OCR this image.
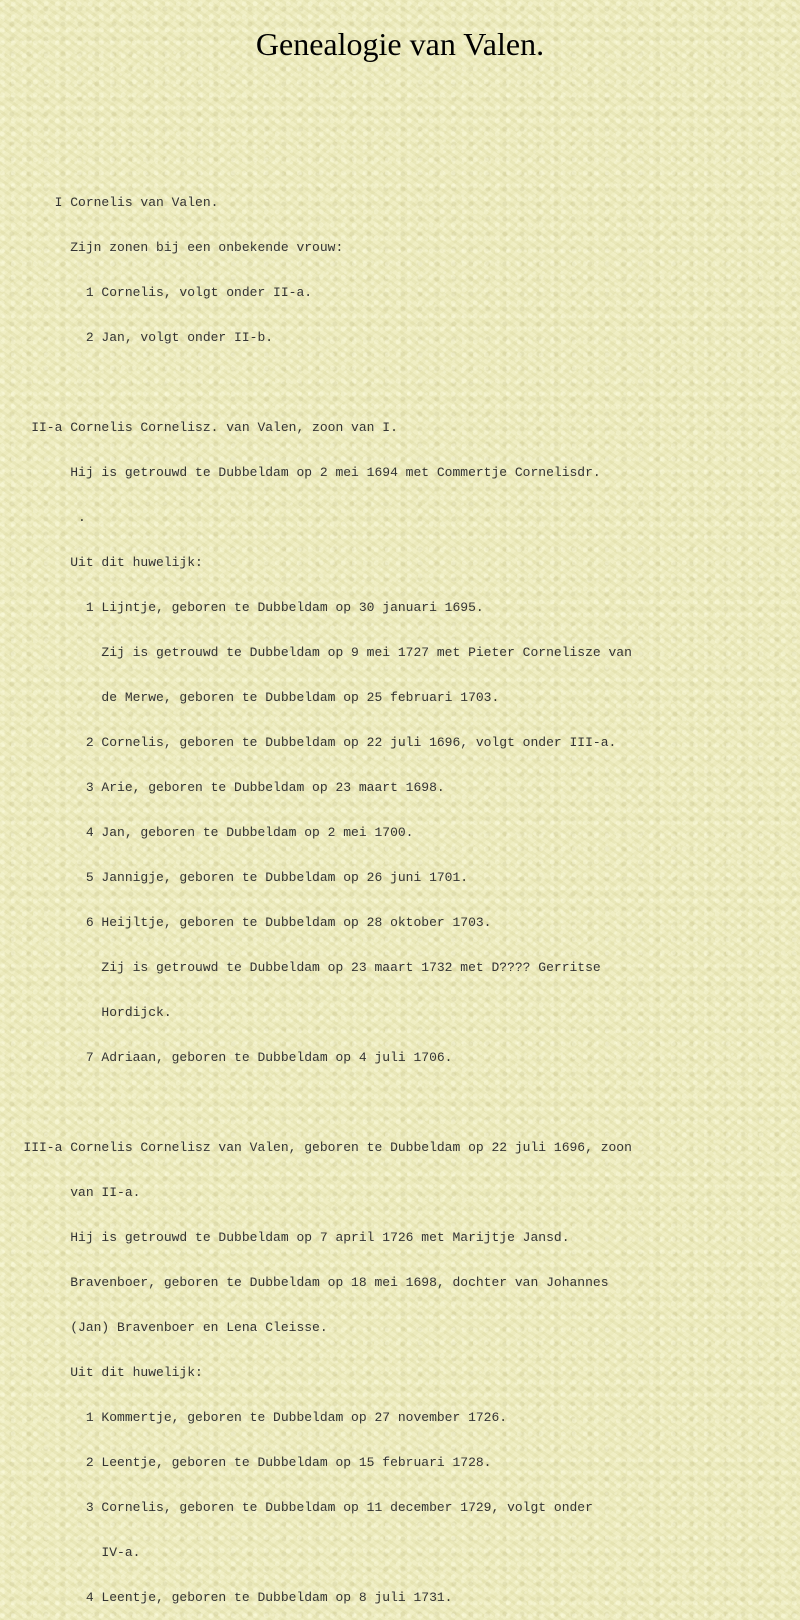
Genealogie van Valen.

I Cornelis van Valen.

Zijn zonen bij een onbekende vrouw:

1 Cornelis, volgt onder II-a.

2 Jan, volgt onder II-b.

II-a Cornelis Cornelisz. van Valen, zoon van I.

Hij is getrouwd te Dubbeldam op 2 mei 1694 met Commertje Cornelisdr.

.

Uit dit huwelijk:

1 Lijntje, geboren te Dubbeldam op 30 januari 1695.

Zij is getrouwd te Dubbeldam op 9 mei 1727 met Pieter Cornelisze van

de Merwe, geboren te Dubbeldam op 25 februari 1703.

2 Cornelis, geboren te Dubbeldam op 22 juli 1696, volgt onder III-a.

3 Arie, geboren te Dubbeldam op 23 maart 1698.

4 Jan, geboren te Dubbeldam op 2 mei 1700.

5 Jannigje, geboren te Dubbeldam op 26 juni 1701.

6 Heijltje, geboren te Dubbeldam op 28 oktober 1703.

Zij is getrouwd te Dubbeldam op 23 maart 1732 met D???? Gerritse

Hordijck.

7 Adriaan, geboren te Dubbeldam op 4 juli 1706.

III-a Cornelis Cornelisz van Valen, geboren te Dubbeldam op 22 juli 1696, zoon

van II-a.

Hij is getrouwd te Dubbeldam op 7 april 1726 met Marijtje Jansd.

Bravenboer, geboren te Dubbeldam op 18 mei 1698, dochter van Johannes

(Jan) Bravenboer en Lena Cleisse.

Uit dit huwelijk:

1 Kommertje, geboren te Dubbeldam op 27 november 1726.

2 Leentje, geboren te Dubbeldam op 15 februari 1728.

3 Cornelis, geboren te Dubbeldam op 11 december 1729, volgt onder

IV-a.

4 Leentje, geboren te Dubbeldam op 8 juli 1731.
